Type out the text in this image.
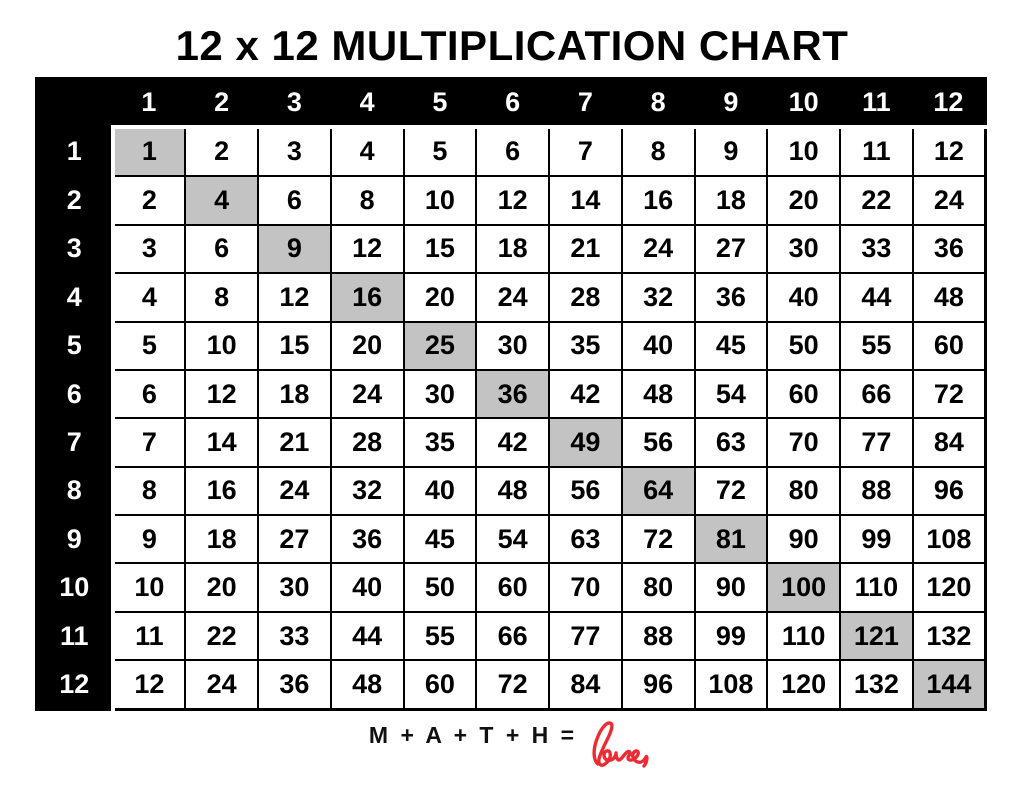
12 x 12 MULTIPLICATION CHART
	1	2	3	4	5	6	7	8	9	10	11	12
1	1	2	3	4	5	6	7	8	9	10	11	12
2	2	4	6	8	10	12	14	16	18	20	22	24
3	3	6	9	12	15	18	21	24	27	30	33	36
4	4	8	12	16	20	24	28	32	36	40	44	48
5	5	10	15	20	25	30	35	40	45	50	55	60
6	6	12	18	24	30	36	42	48	54	60	66	72
7	7	14	21	28	35	42	49	56	63	70	77	84
8	8	16	24	32	40	48	56	64	72	80	88	96
9	9	18	27	36	45	54	63	72	81	90	99	108
10	10	20	30	40	50	60	70	80	90	100	110	120
11	11	22	33	44	55	66	77	88	99	110	121	132
12	12	24	36	48	60	72	84	96	108	120	132	144
M + A + T + H =
